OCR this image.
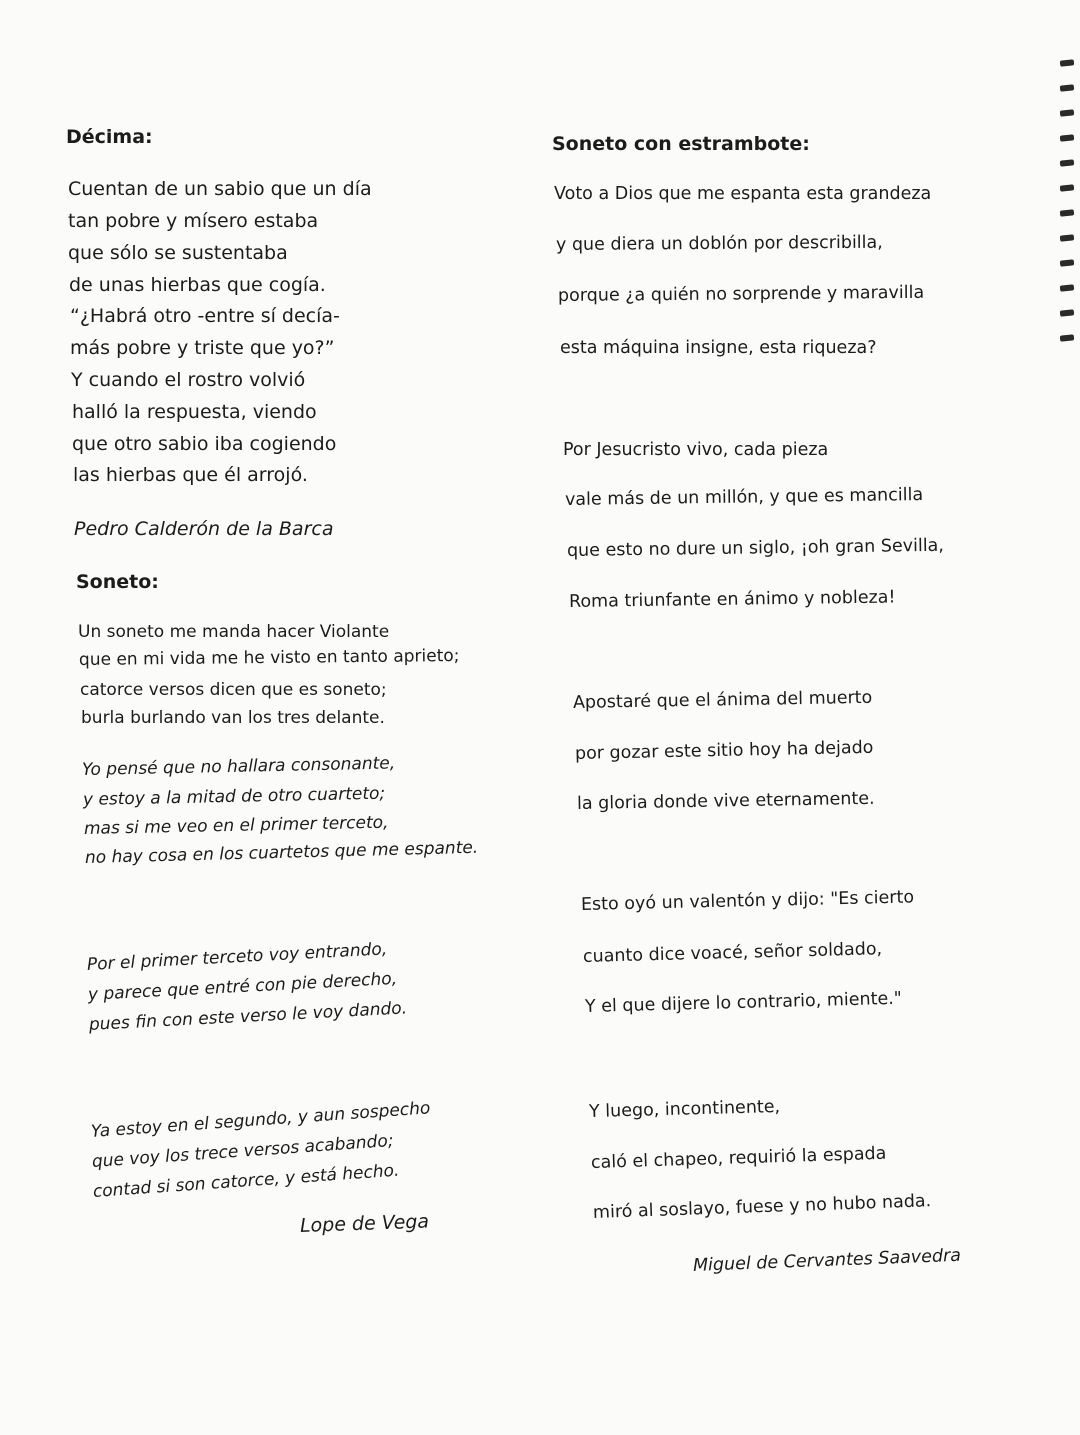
Décima:
Cuentan de un sabio que un día
tan pobre y mísero estaba
que sólo se sustentaba
de unas hierbas que cogía.
“¿Habrá otro -entre sí decía-
más pobre y triste que yo?”
Y cuando el rostro volvió
halló la respuesta, viendo
que otro sabio iba cogiendo
las hierbas que él arrojó.
Pedro Calderón de la Barca
Soneto:
Un soneto me manda hacer Violante
que en mi vida me he visto en tanto aprieto;
catorce versos dicen que es soneto;
burla burlando van los tres delante.
Yo pensé que no hallara consonante,
y estoy a la mitad de otro cuarteto;
mas si me veo en el primer terceto,
no hay cosa en los cuartetos que me espante.
Por el primer terceto voy entrando,
y parece que entré con pie derecho,
pues fin con este verso le voy dando.
Ya estoy en el segundo, y aun sospecho
que voy los trece versos acabando;
contad si son catorce, y está hecho.
Lope de Vega
Soneto con estrambote:
Voto a Dios que me espanta esta grandeza
y que diera un doblón por describilla,
porque ¿a quién no sorprende y maravilla
esta máquina insigne, esta riqueza?
Por Jesucristo vivo, cada pieza
vale más de un millón, y que es mancilla
que esto no dure un siglo, ¡oh gran Sevilla,
Roma triunfante en ánimo y nobleza!
Apostaré que el ánima del muerto
por gozar este sitio hoy ha dejado
la gloria donde vive eternamente.
Esto oyó un valentón y dijo: "Es cierto
cuanto dice voacé, señor soldado,
Y el que dijere lo contrario, miente."
Y luego, incontinente,
caló el chapeo, requirió la espada
miró al soslayo, fuese y no hubo nada.
Miguel de Cervantes Saavedra
